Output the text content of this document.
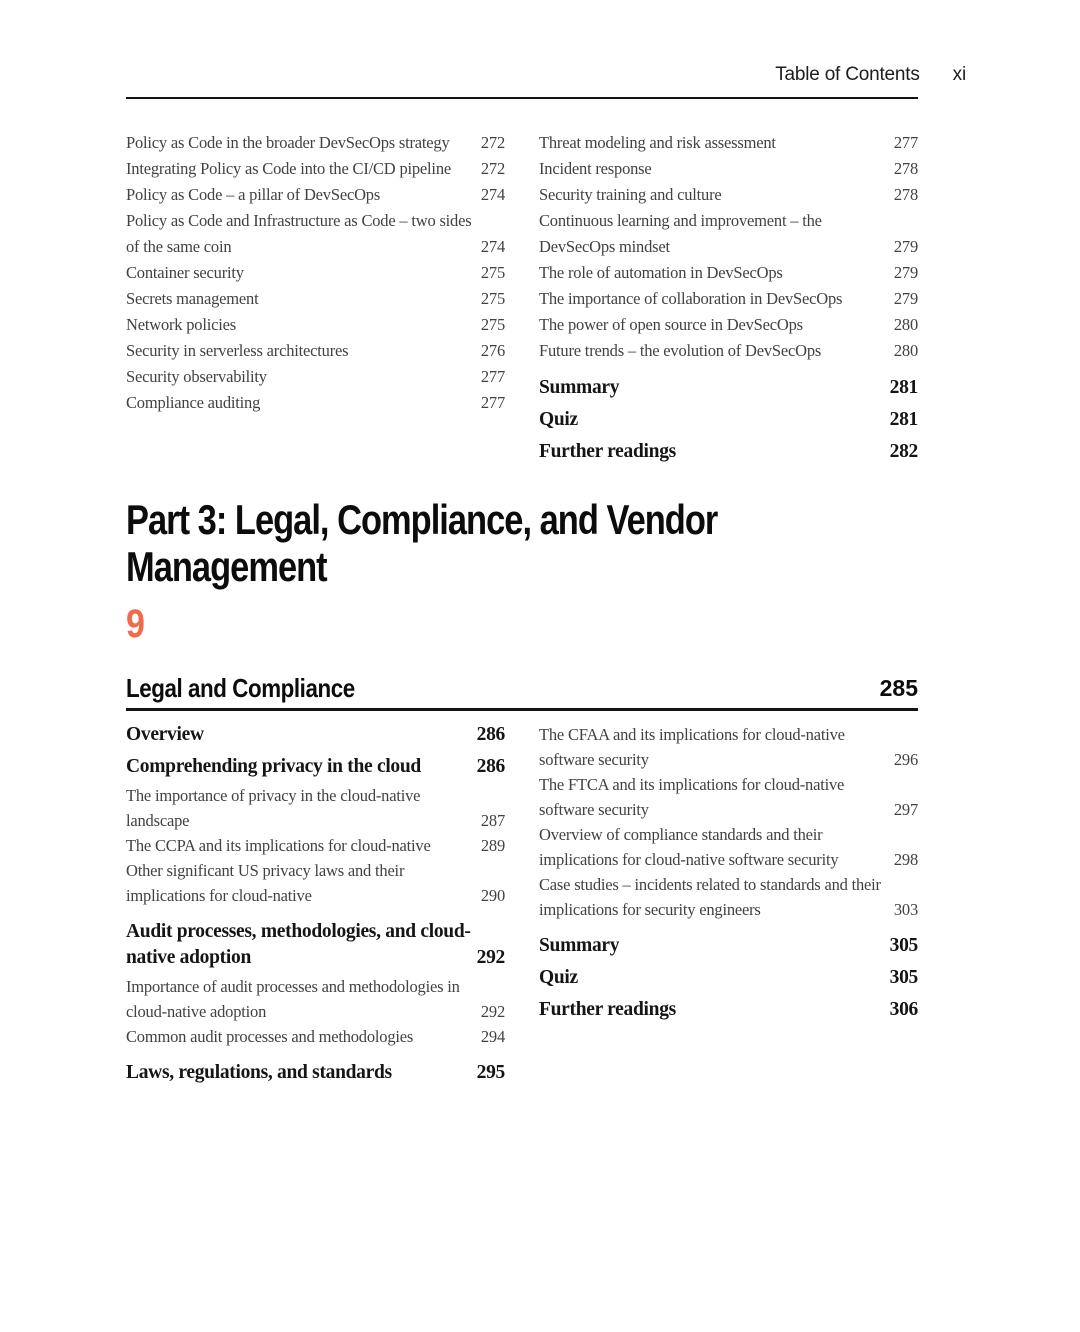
Table of Contents xi
Policy as Code in the broader DevSecOps strategy	272
Integrating Policy as Code into the CI/CD pipeline	272
Policy as Code – a pillar of DevSecOps	274
Policy as Code and Infrastructure as Code – two sides of the same coin	274
Container security	275
Secrets management	275
Network policies	275
Security in serverless architectures	276
Security observability	277
Compliance auditing	277
Threat modeling and risk assessment	277
Incident response	278
Security training and culture	278
Continuous learning and improvement – the DevSecOps mindset	279
The role of automation in DevSecOps	279
The importance of collaboration in DevSecOps	279
The power of open source in DevSecOps	280
Future trends – the evolution of DevSecOps	280
Summary	281
Quiz	281
Further readings	282
Part 3: Legal, Compliance, and Vendor Management
9
Legal and Compliance	285
Overview	286
Comprehending privacy in the cloud	286
The importance of privacy in the cloud-native landscape	287
The CCPA and its implications for cloud-native	289
Other significant US privacy laws and their implications for cloud-native	290
Audit processes, methodologies, and cloud-native adoption	292
Importance of audit processes and methodologies in cloud-native adoption	292
Common audit processes and methodologies	294
Laws, regulations, and standards	295
The CFAA and its implications for cloud-native software security	296
The FTCA and its implications for cloud-native software security	297
Overview of compliance standards and their implications for cloud-native software security	298
Case studies – incidents related to standards and their implications for security engineers	303
Summary	305
Quiz	305
Further readings	306
